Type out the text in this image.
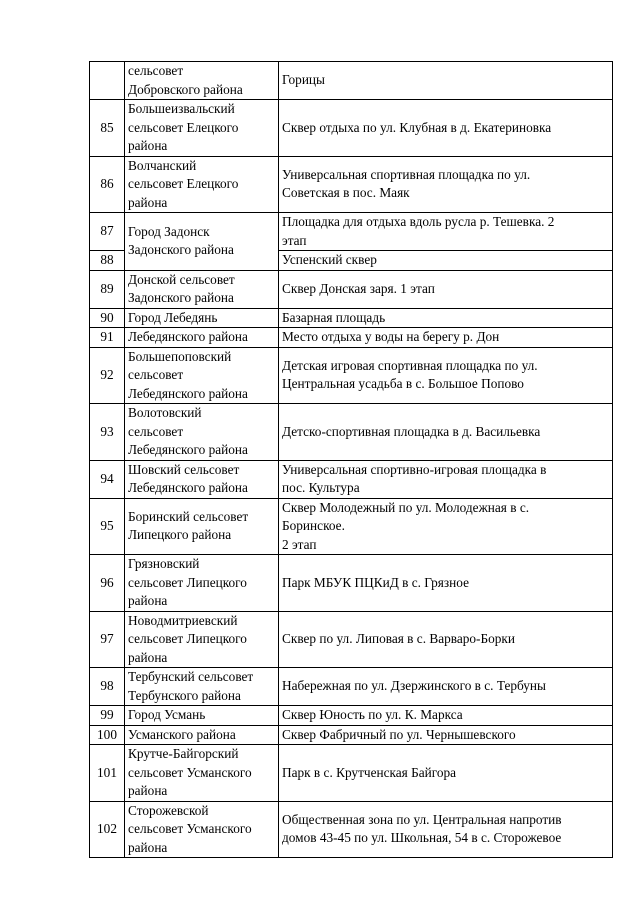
	сельсовет
Добровского района	Горицы

85	Большеизвальский
сельсовет Елецкого
района	Сквер отдыха по ул. Клубная в д. Екатериновка

86	Волчанский
сельсовет Елецкого
района	Универсальная спортивная площадка по ул.
Советская в пос. Маяк

87	Город Задонск
Задонского района	Площадка для отдыха вдоль русла р. Тешевка. 2
этап

88		Успенский сквер

89	Донской сельсовет
Задонского района	Сквер Донская заря. 1 этап

90	Город Лебедянь	Базарная площадь

91	Лебедянского района	Место отдыха у воды на берегу р. Дон

92	Большепоповский
сельсовет
Лебедянского района	Детская игровая спортивная площадка по ул.
Центральная усадьба в с. Большое Попово

93	Волотовский
сельсовет
Лебедянского района	Детско-спортивная площадка в д. Васильевка

94	Шовский сельсовет
Лебедянского района	Универсальная спортивно-игровая площадка в
пос. Культура

95	Боринский сельсовет
Липецкого района	Сквер Молодежный по ул. Молодежная в с.
Боринское.
2 этап

96	Грязновский
сельсовет Липецкого
района	Парк МБУК ПЦКиД в с. Грязное

97	Новодмитриевский
сельсовет Липецкого
района	Сквер по ул. Липовая в с. Варваро-Борки

98	Тербунский сельсовет
Тербунского района	Набережная по ул. Дзержинского в с. Тербуны

99	Город Усмань	Сквер Юность по ул. К. Маркса

100	Усманского района	Сквер Фабричный по ул. Чернышевского

101	Крутче-Байгорский
сельсовет Усманского
района	Парк в с. Крутченская Байгора

102	Сторожевской
сельсовет Усманского
района	Общественная зона по ул. Центральная напротив
домов 43-45 по ул. Школьная, 54 в с. Сторожевое
